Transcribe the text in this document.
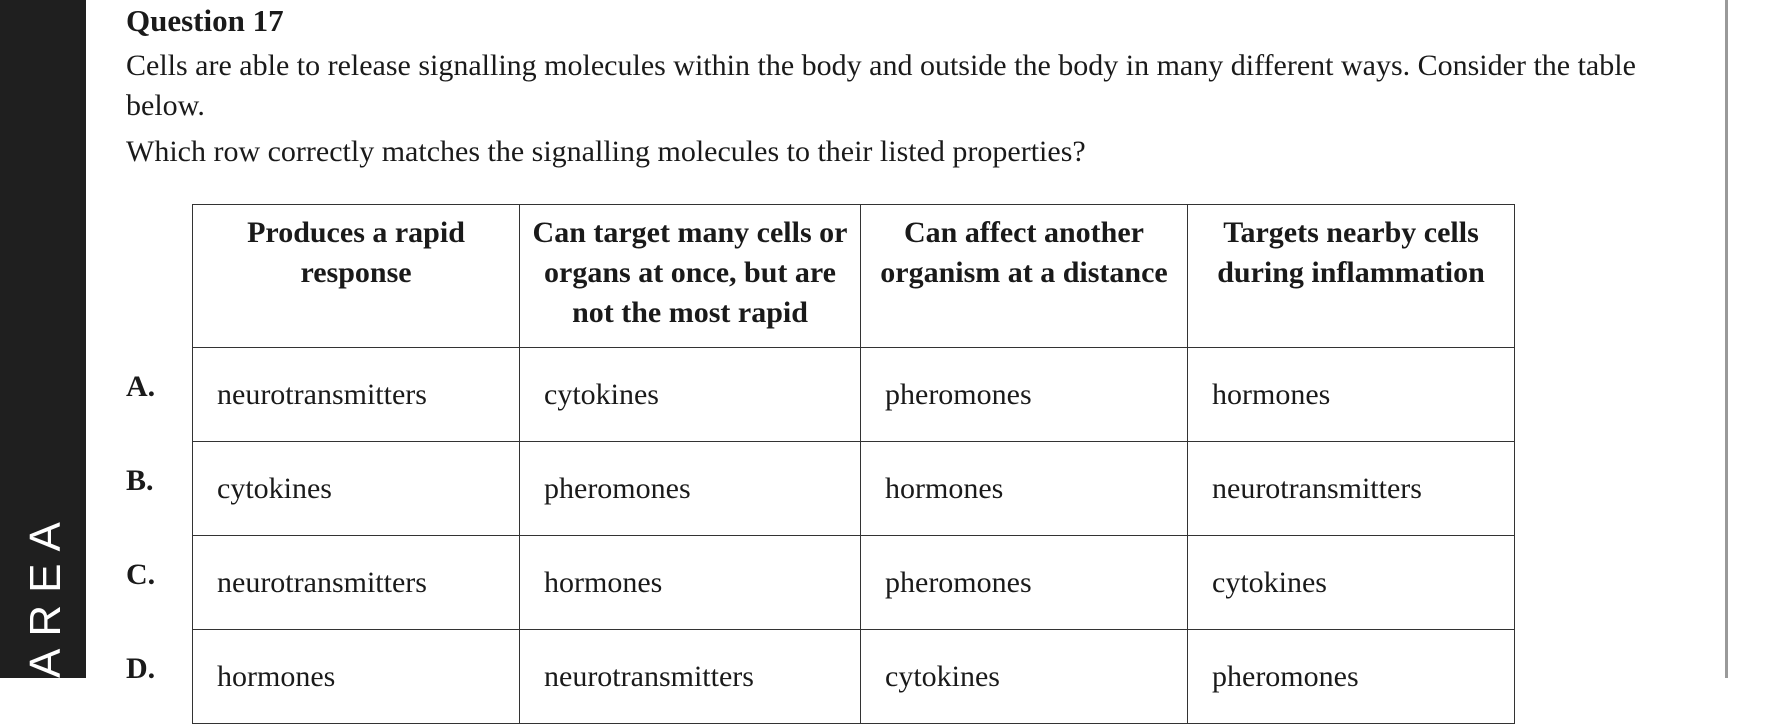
AREA
Question 17
Cells are able to release signalling molecules within the body and outside the body in many different ways. Consider the table below.
Which row correctly matches the signalling molecules to their listed properties?
	Produces a rapid response	Can target many cells or organs at once, but are not the most rapid	Can affect another organism at a distance	Targets nearby cells during inflammation
A.	neurotransmitters	cytokines	pheromones	hormones
B.	cytokines	pheromones	hormones	neurotransmitters
C.	neurotransmitters	hormones	pheromones	cytokines
D.	hormones	neurotransmitters	cytokines	pheromones
